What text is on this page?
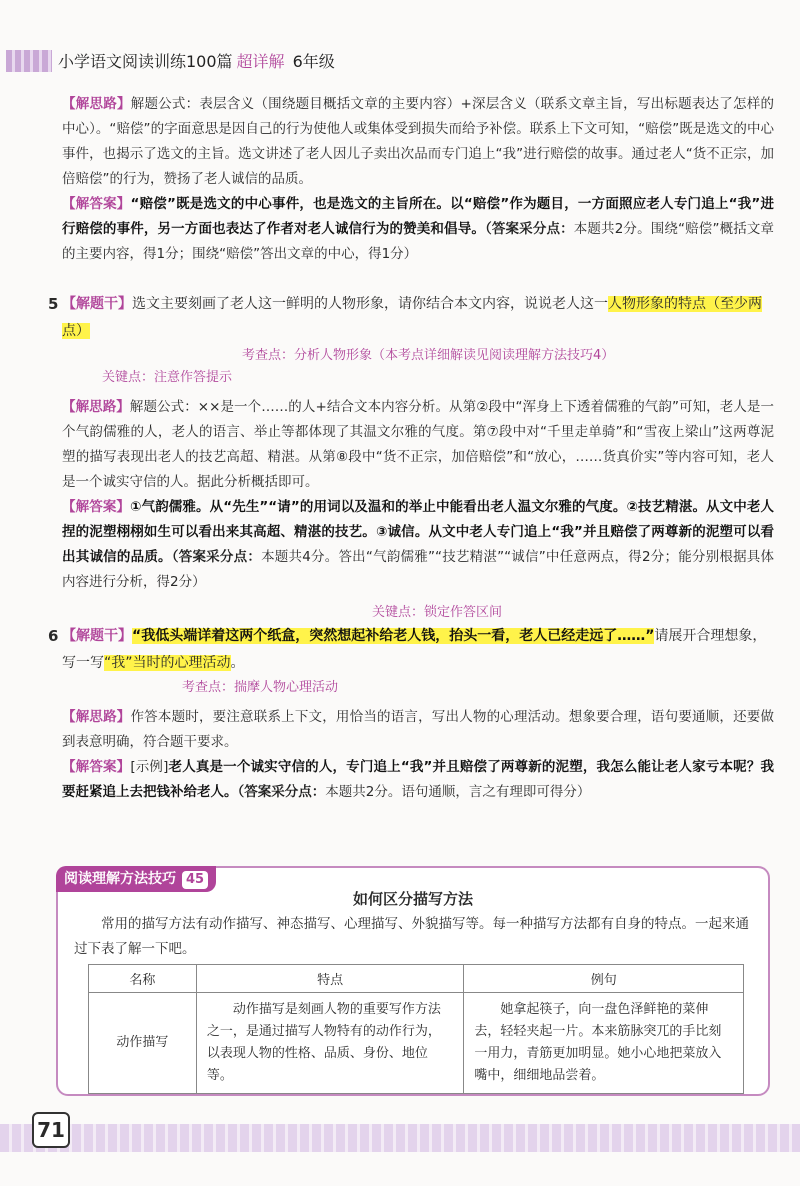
小学语文阅读训练100篇 超详解 6年级
【解思路】解题公式：表层含义（围绕题目概括文章的主要内容）+深层含义（联系文章主旨，写出标题表达了怎样的中心）。“赔偿”的字面意思是因自己的行为使他人或集体受到损失而给予补偿。联系上下文可知，“赔偿”既是选文的中心事件，也揭示了选文的主旨。选文讲述了老人因儿子卖出次品而专门追上“我”进行赔偿的故事。通过老人“货不正宗，加倍赔偿”的行为，赞扬了老人诚信的品质。
【解答案】“赔偿”既是选文的中心事件，也是选文的主旨所在。以“赔偿”作为题目，一方面照应老人专门追上“我”进行赔偿的事件，另一方面也表达了作者对老人诚信行为的赞美和倡导。（答案采分点：本题共2分。围绕“赔偿”概括文章的主要内容，得1分；围绕“赔偿”答出文章的中心，得1分）
5 【解题干】选文主要刻画了老人这一鲜明的人物形象，请你结合本文内容，说说老人这一人物形象的特点（至少两点）
考查点：分析人物形象（本考点详细解读见阅读理解方法技巧4）
关键点：注意作答提示
【解思路】解题公式：××是一个……的人+结合文本内容分析。从第②段中“浑身上下透着儒雅的气韵”可知，老人是一个气韵儒雅的人，老人的语言、举止等都体现了其温文尔雅的气度。第⑦段中对“千里走单骑”和“雪夜上梁山”这两尊泥塑的描写表现出老人的技艺高超、精湛。从第⑧段中“货不正宗，加倍赔偿”和“放心，……货真价实”等内容可知，老人是一个诚实守信的人。据此分析概括即可。
【解答案】①气韵儒雅。从“先生”“请”的用词以及温和的举止中能看出老人温文尔雅的气度。②技艺精湛。从文中老人捏的泥塑栩栩如生可以看出来其高超、精湛的技艺。③诚信。从文中老人专门追上“我”并且赔偿了两尊新的泥塑可以看出其诚信的品质。（答案采分点：本题共4分。答出“气韵儒雅”“技艺精湛”“诚信”中任意两点，得2分；能分别根据具体内容进行分析，得2分）
关键点：锁定作答区间
6 【解题干】“我低头端详着这两个纸盒，突然想起补给老人钱，抬头一看，老人已经走远了……”请展开合理想象，写一写“我”当时的心理活动。
考查点：揣摩人物心理活动
【解思路】作答本题时，要注意联系上下文，用恰当的语言，写出人物的心理活动。想象要合理，语句要通顺，还要做到表意明确，符合题干要求。
【解答案】[示例]老人真是一个诚实守信的人，专门追上“我”并且赔偿了两尊新的泥塑，我怎么能让老人家亏本呢？我要赶紧追上去把钱补给老人。（答案采分点：本题共2分。语句通顺，言之有理即可得分）
阅读理解方法技巧 45
如何区分描写方法
常用的描写方法有动作描写、神态描写、心理描写、外貌描写等。每一种描写方法都有自身的特点。一起来通过下表了解一下吧。
名称	特点	例句
动作描写	动作描写是刻画人物的重要写作方法之一，是通过描写人物特有的动作行为，以表现人物的性格、品质、身份、地位等。	她拿起筷子，向一盘色泽鲜艳的菜伸去，轻轻夹起一片。本来筋脉突兀的手比刻一用力，青筋更加明显。她小心地把菜放入嘴中，细细地品尝着。
71
